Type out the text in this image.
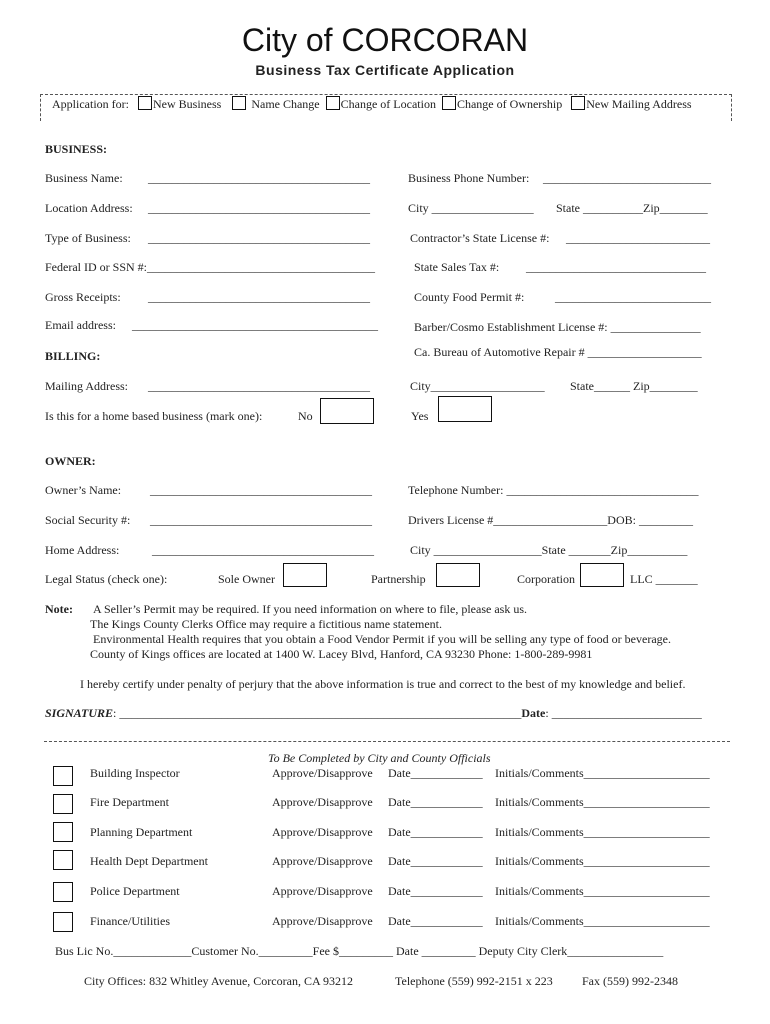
City of CORCORAN
Business Tax Certificate Application
Application for: New Business	Name Change Change of Location Change of Ownership New Mailing Address
BUSINESS:
Business Name: _____________________________________	Business Phone Number: ____________________________
Location Address: _____________________________________	City _________________ State __________Zip________
Type of Business: _____________________________________	Contractor’s State License #: ________________________
Federal ID or SSN #:______________________________________	State Sales Tax #: ______________________________
Gross Receipts: _____________________________________	County Food Permit #:	__________________________
Email address: _________________________________________	Barber/Cosmo Establishment License #: _______________
Ca. Bureau of Automotive Repair # ___________________
BILLING:
Mailing Address: _____________________________________	City___________________ State______ Zip________
Is this for a home based business (mark one):	No	Yes
OWNER:
Owner’s Name: _____________________________________	Telephone Number: ________________________________
Social Security #: _____________________________________	Drivers License #___________________DOB: _________
Home Address:	_____________________________________	City __________________State _______Zip__________
Legal Status (check one):	Sole Owner	Partnership	Corporation	LLC _______
Note: A Seller’s Permit may be required. If you need information on where to file, please ask us.
The Kings County Clerks Office may require a fictitious name statement.
Environmental Health requires that you obtain a Food Vendor Permit if you will be selling any type of food or beverage.
County of Kings offices are located at 1400 W. Lacey Blvd, Hanford, CA 93230 Phone: 1-800-289-9981
I hereby certify under penalty of perjury that the above information is true and correct to the best of my knowledge and belief.
SIGNATURE: ___________________________________________________________________Date: _________________________
To Be Completed by City and County Officials
Building Inspector	Approve/Disapprove Date____________ Initials/Comments_____________________
Fire Department	Approve/Disapprove Date____________ Initials/Comments_____________________
Planning Department	Approve/Disapprove Date____________ Initials/Comments_____________________
Health Dept Department	Approve/Disapprove Date____________ Initials/Comments_____________________
Police Department	Approve/Disapprove Date____________ Initials/Comments_____________________
Finance/Utilities	Approve/Disapprove Date____________ Initials/Comments_____________________
Bus Lic No._____________Customer No._________Fee $_________ Date _________ Deputy City Clerk________________
City Offices: 832 Whitley Avenue, Corcoran, CA 93212	Telephone (559) 992-2151 x 223 Fax (559) 992-2348
